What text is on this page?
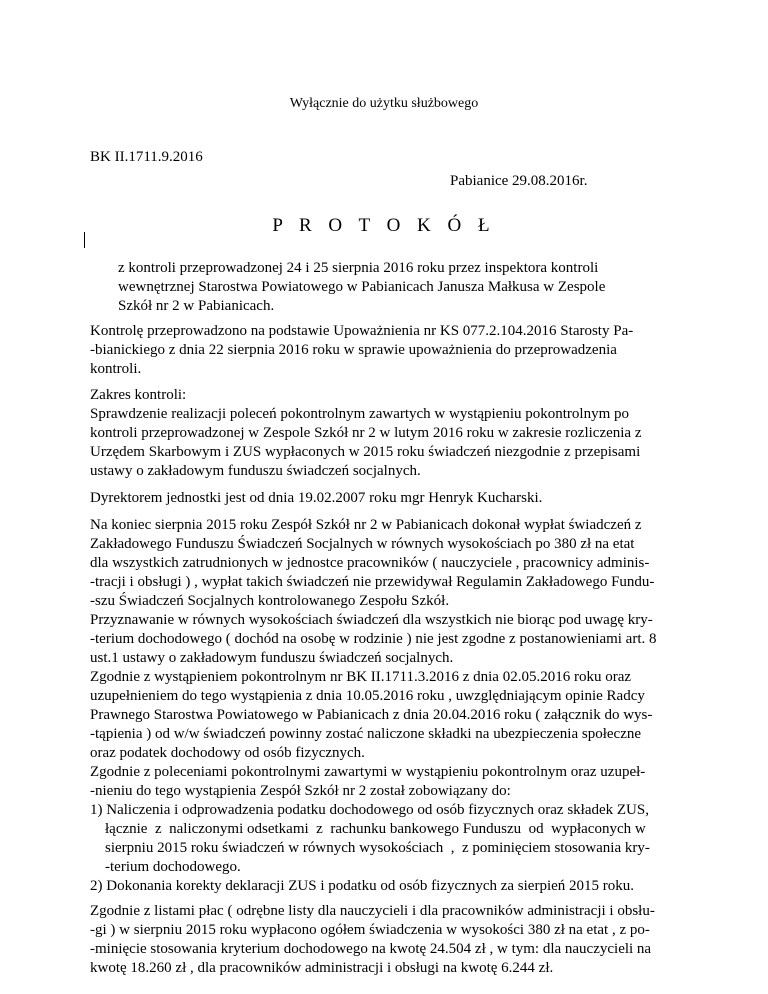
Wyłącznie do użytku służbowego
BK II.1711.9.2016
Pabianice 29.08.2016r.
P R O T O K Ó Ł
z kontroli przeprowadzonej 24 i 25 sierpnia 2016 roku przez inspektora kontroli
wewnętrznej Starostwa Powiatowego w Pabianicach Janusza Małkusa w Zespole
Szkół nr 2 w Pabianicach.
Kontrolę przeprowadzono na podstawie Upoważnienia nr KS 077.2.104.2016 Starosty Pa-
-bianickiego z dnia 22 sierpnia 2016 roku w sprawie upoważnienia do przeprowadzenia
kontroli.
Zakres kontroli:
Sprawdzenie realizacji poleceń pokontrolnym zawartych w wystąpieniu pokontrolnym po
kontroli przeprowadzonej w Zespole Szkół nr 2 w lutym 2016 roku w zakresie rozliczenia z
Urzędem Skarbowym i ZUS wypłaconych w 2015 roku świadczeń niezgodnie z przepisami
ustawy o zakładowym funduszu świadczeń socjalnych.
Dyrektorem jednostki jest od dnia 19.02.2007 roku mgr Henryk Kucharski.
Na koniec sierpnia 2015 roku Zespół Szkół nr 2 w Pabianicach dokonał wypłat świadczeń z
Zakładowego Funduszu Świadczeń Socjalnych w równych wysokościach po 380 zł na etat
dla wszystkich zatrudnionych w jednostce pracowników ( nauczyciele , pracownicy adminis-
-tracji i obsługi ) , wypłat takich świadczeń nie przewidywał Regulamin Zakładowego Fundu-
-szu Świadczeń Socjalnych kontrolowanego Zespołu Szkół.
Przyznawanie w równych wysokościach świadczeń dla wszystkich nie biorąc pod uwagę kry-
-terium dochodowego ( dochód na osobę w rodzinie ) nie jest zgodne z postanowieniami art. 8
ust.1 ustawy o zakładowym funduszu świadczeń socjalnych.
Zgodnie z wystąpieniem pokontrolnym nr BK II.1711.3.2016 z dnia 02.05.2016 roku oraz
uzupełnieniem do tego wystąpienia z dnia 10.05.2016 roku , uwzględniającym opinie Radcy
Prawnego Starostwa Powiatowego w Pabianicach z dnia 20.04.2016 roku ( załącznik do wys-
-tąpienia ) od w/w świadczeń powinny zostać naliczone składki na ubezpieczenia społeczne
oraz podatek dochodowy od osób fizycznych.
Zgodnie z poleceniami pokontrolnymi zawartymi w wystąpieniu pokontrolnym oraz uzupeł-
-nieniu do tego wystąpienia Zespół Szkół nr 2 został zobowiązany do:
1) Naliczenia i odprowadzenia podatku dochodowego od osób fizycznych oraz składek ZUS,
łącznie  z  naliczonymi odsetkami  z  rachunku bankowego Funduszu  od  wypłaconych w
sierpniu 2015 roku świadczeń w równych wysokościach  ,  z pominięciem stosowania kry-
-terium dochodowego.
2) Dokonania korekty deklaracji ZUS i podatku od osób fizycznych za sierpień 2015 roku.
Zgodnie z listami płac ( odrębne listy dla nauczycieli i dla pracowników administracji i obsłu-
-gi ) w sierpniu 2015 roku wypłacono ogółem świadczenia w wysokości 380 zł na etat , z po-
-minięcie stosowania kryterium dochodowego na kwotę 24.504 zł , w tym: dla nauczycieli na
kwotę 18.260 zł , dla pracowników administracji i obsługi na kwotę 6.244 zł.
